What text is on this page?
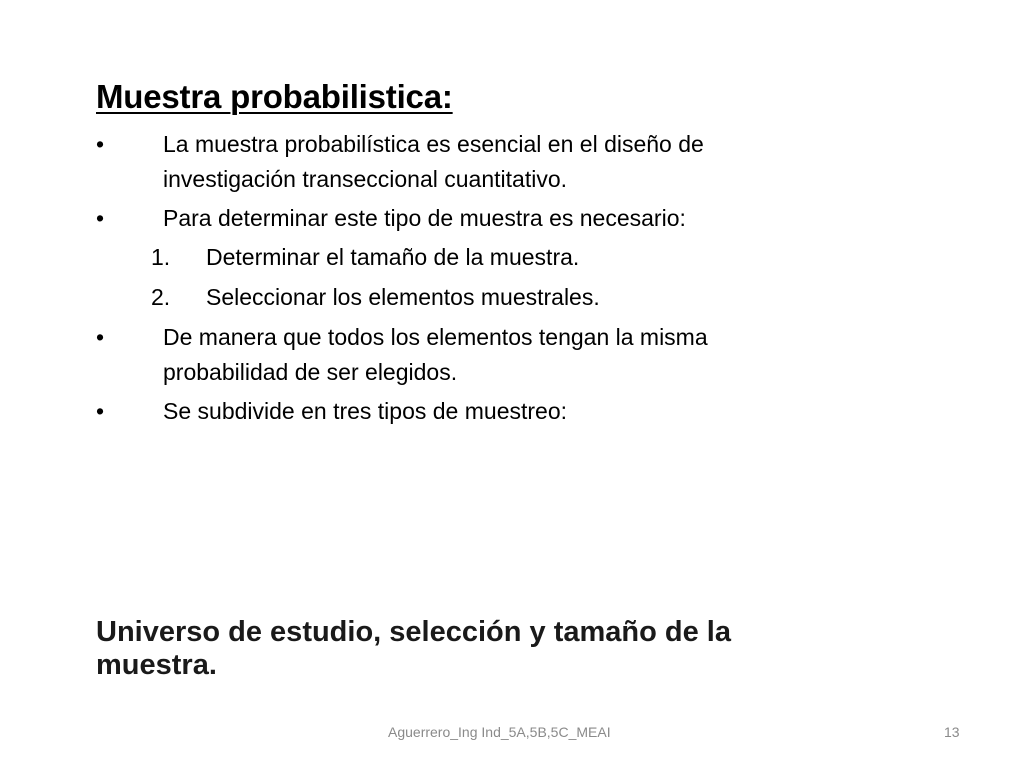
Muestra probabilistica:
•	La muestra probabilística es esencial en el diseño de investigación transeccional cuantitativo.
•	Para determinar este tipo de muestra es necesario:
1.	Determinar el tamaño de la muestra.
2.	Seleccionar los elementos muestrales.
•	De manera que todos los elementos tengan la misma probabilidad de ser elegidos.
•	Se subdivide en tres tipos de muestreo:
Universo de estudio, selección y tamaño de la muestra.
Aguerrero_Ing Ind_5A,5B,5C_MEAI	13
